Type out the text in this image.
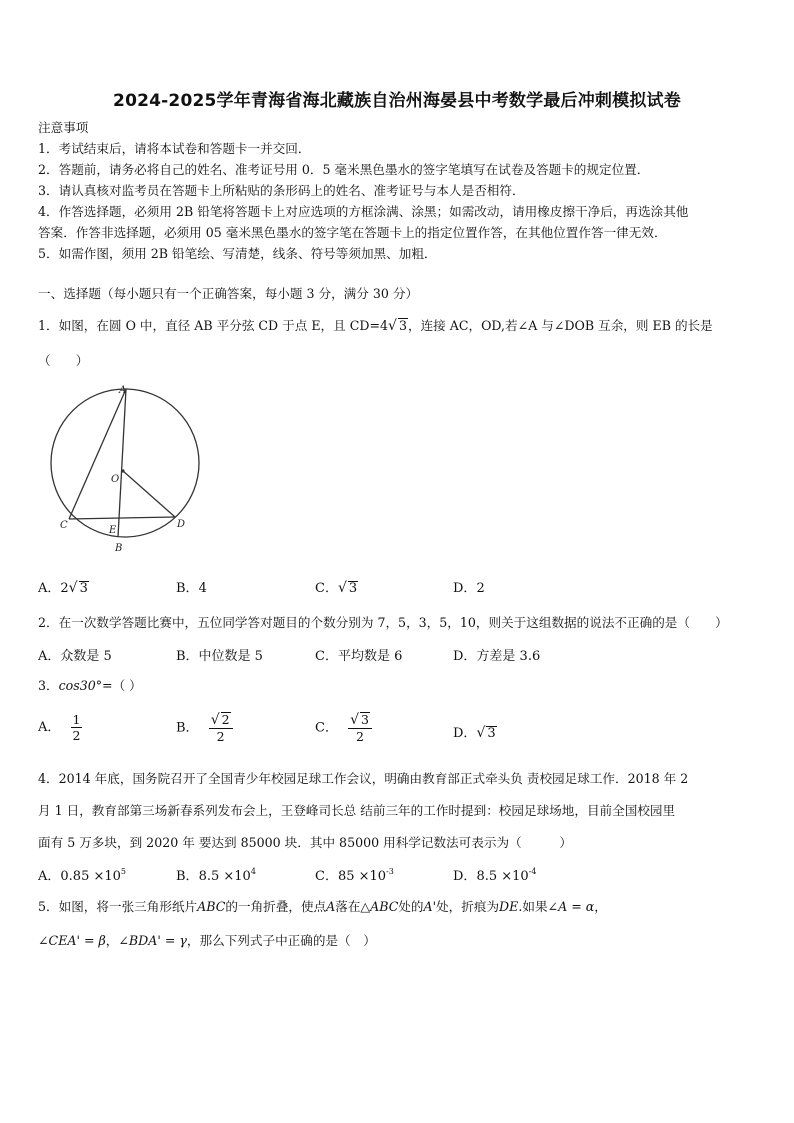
2024-2025学年青海省海北藏族自治州海晏县中考数学最后冲刺模拟试卷
注意事项
1．考试结束后，请将本试卷和答题卡一并交回．
2．答题前，请务必将自己的姓名、准考证号用 0．5 毫米黑色墨水的签字笔填写在试卷及答题卡的规定位置．
3．请认真核对监考员在答题卡上所粘贴的条形码上的姓名、准考证号与本人是否相符．
4．作答选择题，必须用 2B 铅笔将答题卡上对应选项的方框涂满、涂黑；如需改动，请用橡皮擦干净后，再选涂其他
答案．作答非选择题，必须用 05 毫米黑色墨水的签字笔在答题卡上的指定位置作答，在其他位置作答一律无效．
5．如需作图，须用 2B 铅笔绘、写清楚，线条、符号等须加黑、加粗．
一、选择题（每小题只有一个正确答案，每小题 3 分，满分 30 分）
1．如图，在圆 O 中，直径 AB 平分弦 CD 于点 E，且 CD=4√ 3，连接 AC，OD,若∠A 与∠DOB 互余，则 EB 的长是
（　　）
A
O
C	E
D
B
A．2√ 3	B．4	C．√ 3	D．2
2．在一次数学答题比赛中，五位同学答对题目的个数分别为 7，5，3，5，10，则关于这组数据的说法不正确的是（　　）
A．众数是 5	B．中位数是 5	C．平均数是 6	D．方差是 3.6
3．cos30°=（ ）
A． $\frac{1}{2}$	B． $\frac{√ 2}{2}$	C． $\frac{√ 3}{2}$	D．√ 3
4．2014 年底，国务院召开了全国青少年校园足球工作会议，明确由教育部正式牵头负 责校园足球工作．2018 年 2
月 1 日，教育部第三场新春系列发布会上，王登峰司长总 结前三年的工作时提到：校园足球场地，目前全国校园里
面有 5 万多块，到 2020 年 要达到 85000 块．其中 85000 用科学记数法可表示为（　　　）
A．$0.85 \times 10^5$	B．$8.5 \times 10^4$	C．$85 \times 10^{-3}$	D．$8.5 \times 10^{-4}$
5．如图，将一张三角形纸片ABC的一角折叠，使点A落在△ABC处的A'处，折痕为DE.如果∠A = α，
∠CEA' = β，∠BDA' = γ，那么下列式子中正确的是（　）
